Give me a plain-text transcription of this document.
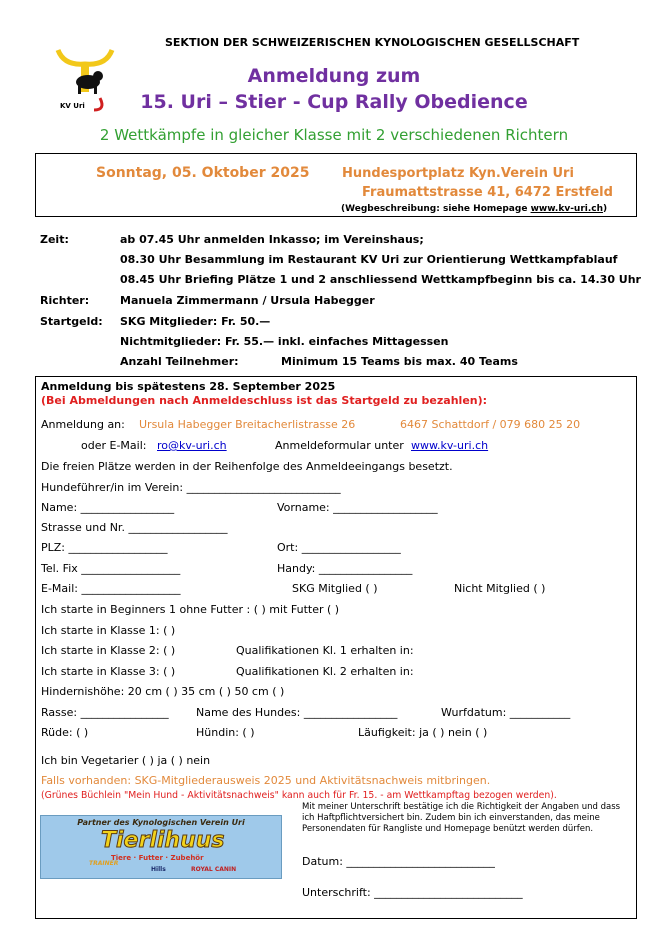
SEKTION DER SCHWEIZERISCHEN KYNOLOGISCHEN GESELLSCHAFT
KV Uri
Anmeldung zum
15. Uri – Stier - Cup Rally Obedience
2 Wettkämpfe in gleicher Klasse mit 2 verschiedenen Richtern
Sonntag, 05. Oktober 2025	Hundesportplatz Kyn.Verein Uri
Fraumattstrasse 41, 6472 Erstfeld
(Wegbeschreibung: siehe Homepage www.kv-uri.ch)
Zeit:	ab 07.45 Uhr anmelden Inkasso; im Vereinshaus;
08.30 Uhr Besammlung im Restaurant KV Uri zur Orientierung Wettkampfablauf
08.45 Uhr Briefing Plätze 1 und 2 anschliessend Wettkampfbeginn bis ca. 14.30 Uhr
Richter:	Manuela Zimmermann / Ursula Habegger
Startgeld: SKG Mitglieder: Fr. 50.—
Nichtmitglieder: Fr. 55.— inkl. einfaches Mittagessen
Anzahl Teilnehmer:	Minimum 15 Teams bis max. 40 Teams
Anmeldung bis spätestens 28. September 2025
(Bei Abmeldungen nach Anmeldeschluss ist das Startgeld zu bezahlen):
Anmeldung an: Ursula Habegger Breitacherlistrasse 26	6467 Schattdorf / 079 680 25 20
oder E-Mail: ro@kv-uri.ch	Anmeldeformular unter www.kv-uri.ch
Die freien Plätze werden in der Reihenfolge des Anmeldeeingangs besetzt.
Hundeführer/in im Verein: ____________________________
Name: _________________	Vorname: ___________________
Strasse und Nr. __________________
PLZ: __________________	Ort: __________________
Tel. Fix __________________	Handy: _________________
E-Mail: __________________	SKG Mitglied ( )	Nicht Mitglied ( )
Ich starte in Beginners 1 ohne Futter : ( ) mit Futter ( )
Ich starte in Klasse 1: ( )
Ich starte in Klasse 2: ( )	Qualifikationen Kl. 1 erhalten in:
Ich starte in Klasse 3: ( )	Qualifikationen Kl. 2 erhalten in:
Hindernishöhe: 20 cm ( ) 35 cm ( ) 50 cm ( )
Rasse: ________________ Name des Hundes: _________________	Wurfdatum: ___________
Rüde: ( )	Hündin: ( )	Läufigkeit: ja ( ) nein ( )
Ich bin Vegetarier ( ) ja ( ) nein
Falls vorhanden: SKG-Mitgliederausweis 2025 und Aktivitätsnachweis mitbringen.
(Grünes Büchlein "Mein Hund - Aktivitätsnachweis" kann auch für Fr. 15. - am Wettkampftag bezogen werden).
Partner des Kynologischen Verein Uri
Tierlihuus
Tiere · Futter · Zubehör
TRAINER
Hills	ROYAL CANIN
Mit meiner Unterschrift bestätige ich die Richtigkeit der Angaben und dass ich Haftpflichtversichert bin. Zudem bin ich einverstanden, das meine Personendaten für Rangliste und Homepage benützt werden dürfen.
Datum: ___________________________
Unterschrift: ___________________________
